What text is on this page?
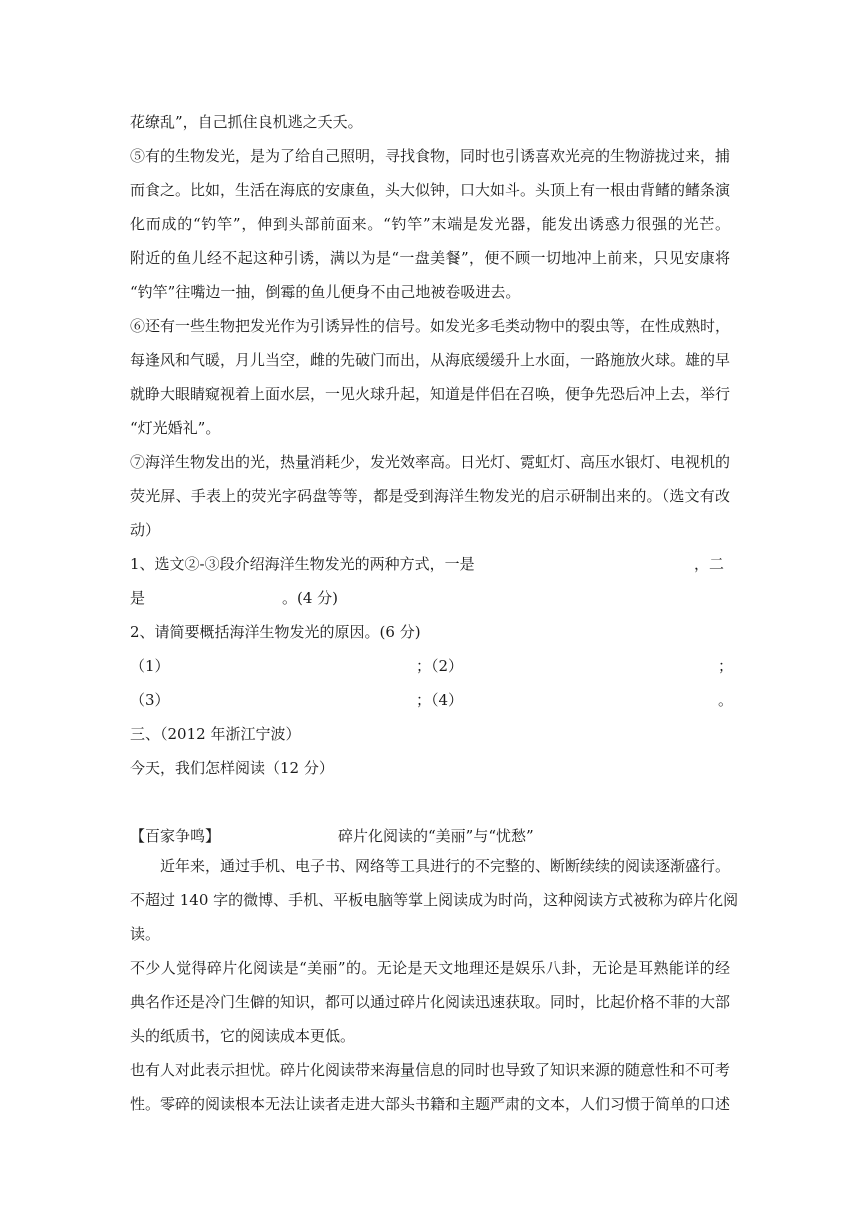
花缭乱”，自己抓住良机逃之夭夭。
⑤有的生物发光，是为了给自己照明，寻找食物，同时也引诱喜欢光亮的生物游拢过来，捕
而食之。比如，生活在海底的安康鱼，头大似钟，口大如斗。头顶上有一根由背鳍的鳍条演
化而成的“钓竿”，伸到头部前面来。“钓竿”末端是发光器，能发出诱惑力很强的光芒。
附近的鱼儿经不起这种引诱，满以为是“一盘美餐”，便不顾一切地冲上前来，只见安康将
“钓竿”往嘴边一抽，倒霉的鱼儿便身不由己地被卷吸进去。
⑥还有一些生物把发光作为引诱异性的信号。如发光多毛类动物中的裂虫等，在性成熟时，
每逢风和气暖，月儿当空，雌的先破门而出，从海底缓缓升上水面，一路施放火球。雄的早
就睁大眼睛窥视着上面水层，一见火球升起，知道是伴侣在召唤，便争先恐后冲上去，举行
“灯光婚礼”。
⑦海洋生物发出的光，热量消耗少，发光效率高。日光灯、霓虹灯、高压水银灯、电视机的
荧光屏、手表上的荧光字码盘等等，都是受到海洋生物发光的启示研制出来的。（选文有改
动）
1、选文②-③段介绍海洋生物发光的两种方式，一是	，二
是	。(4 分)
2、请简要概括海洋生物发光的原因。(6 分)
（1）	；（2）	；
（3）	；（4）	。
三、（2012 年浙江宁波）
今天，我们怎样阅读（12 分）
【百家争鸣】	碎片化阅读的“美丽”与“忧愁”
近年来，通过手机、电子书、网络等工具进行的不完整的、断断续续的阅读逐渐盛行。
不超过 140 字的微博、手机、平板电脑等掌上阅读成为时尚，这种阅读方式被称为碎片化阅
读。
不少人觉得碎片化阅读是“美丽”的。无论是天文地理还是娱乐八卦，无论是耳熟能详的经
典名作还是冷门生僻的知识，都可以通过碎片化阅读迅速获取。同时，比起价格不菲的大部
头的纸质书，它的阅读成本更低。
也有人对此表示担忧。碎片化阅读带来海量信息的同时也导致了知识来源的随意性和不可考
性。零碎的阅读根本无法让读者走进大部头书籍和主题严肃的文本，人们习惯于简单的口述
